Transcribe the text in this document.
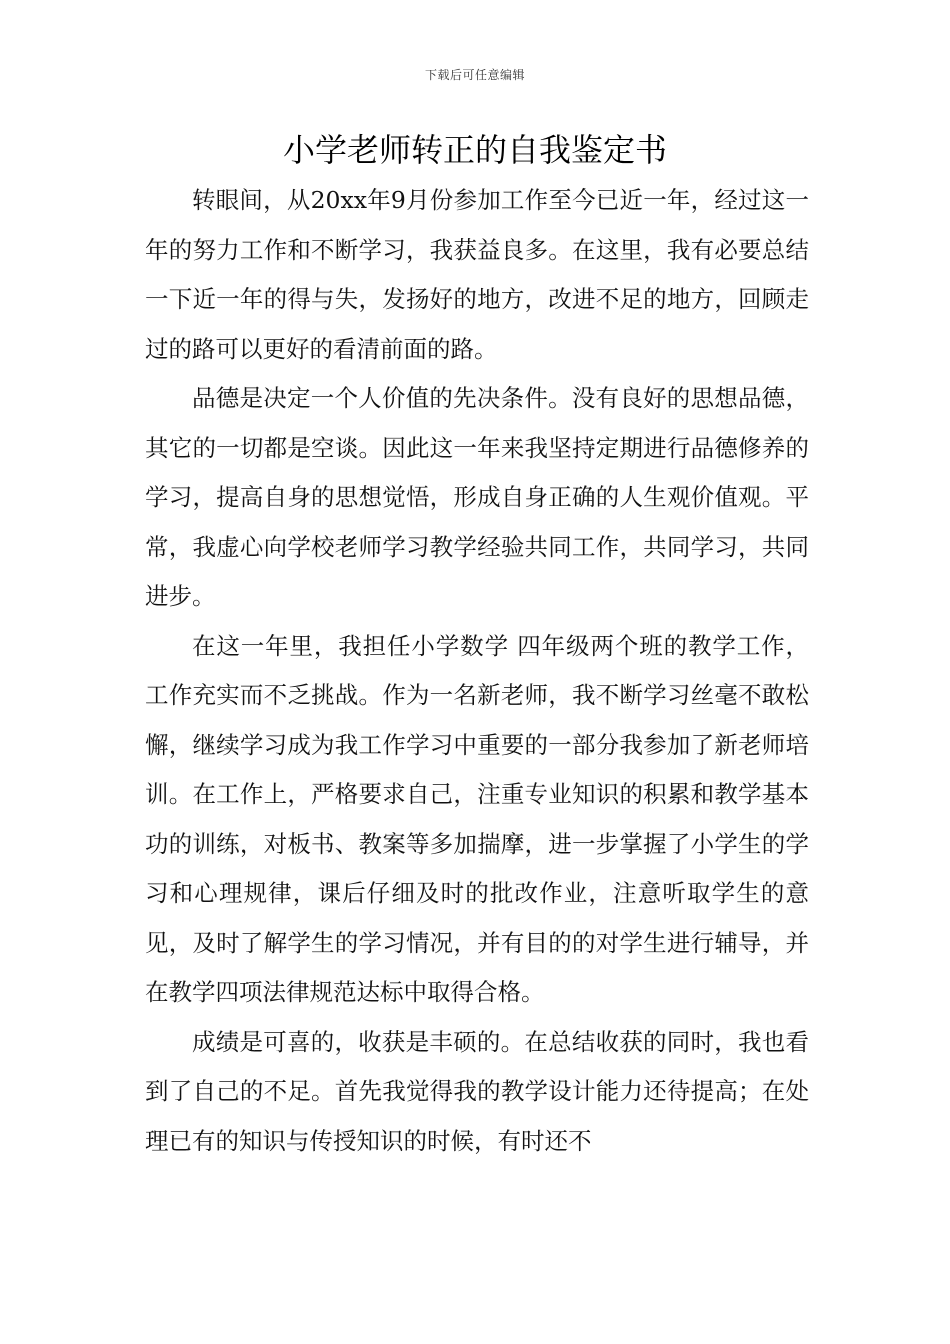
下载后可任意编辑
小学老师转正的自我鉴定书

转眼间，从20xx年9月份参加工作至今已近一年，经过这一年的努力工作和不断学习，我获益良多。在这里，我有必要总结一下近一年的得与失，发扬好的地方，改进不足的地方，回顾走过的路可以更好的看清前面的路。

品德是决定一个人价值的先决条件。没有良好的思想品德，其它的一切都是空谈。因此这一年来我坚持定期进行品德修养的学习，提高自身的思想觉悟，形成自身正确的人生观价值观。平常，我虚心向学校老师学习教学经验共同工作，共同学习，共同进步。

在这一年里，我担任小学数学 四年级两个班的教学工作，工作充实而不乏挑战。作为一名新老师，我不断学习丝毫不敢松懈，继续学习成为我工作学习中重要的一部分我参加了新老师培训。在工作上，严格要求自己，注重专业知识的积累和教学基本功的训练，对板书、教案等多加揣摩，进一步掌握了小学生的学习和心理规律，课后仔细及时的批改作业，注意听取学生的意见，及时了解学生的学习情况，并有目的的对学生进行辅导，并在教学四项法律规范达标中取得合格。

成绩是可喜的，收获是丰硕的。在总结收获的同时，我也看到了自己的不足。首先我觉得我的教学设计能力还待提高；在处理已有的知识与传授知识的时候，有时还不
